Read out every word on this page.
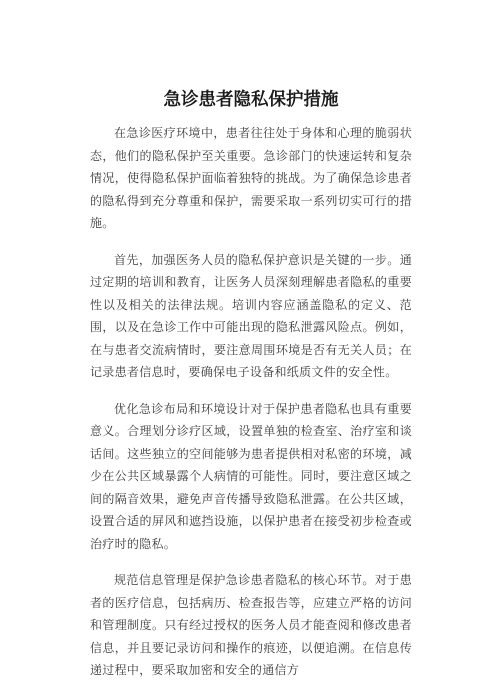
急诊患者隐私保护措施

在急诊医疗环境中，患者往往处于身体和心理的脆弱状态，他们的隐私保护至关重要。急诊部门的快速运转和复杂情况，使得隐私保护面临着独特的挑战。为了确保急诊患者的隐私得到充分尊重和保护，需要采取一系列切实可行的措施。

首先，加强医务人员的隐私保护意识是关键的一步。通过定期的培训和教育，让医务人员深刻理解患者隐私的重要性以及相关的法律法规。培训内容应涵盖隐私的定义、范围，以及在急诊工作中可能出现的隐私泄露风险点。例如，在与患者交流病情时，要注意周围环境是否有无关人员；在记录患者信息时，要确保电子设备和纸质文件的安全性。

优化急诊布局和环境设计对于保护患者隐私也具有重要意义。合理划分诊疗区域，设置单独的检查室、治疗室和谈话间。这些独立的空间能够为患者提供相对私密的环境，减少在公共区域暴露个人病情的可能性。同时，要注意区域之间的隔音效果，避免声音传播导致隐私泄露。在公共区域，设置合适的屏风和遮挡设施，以保护患者在接受初步检查或治疗时的隐私。

规范信息管理是保护急诊患者隐私的核心环节。对于患者的医疗信息，包括病历、检查报告等，应建立严格的访问和管理制度。只有经过授权的医务人员才能查阅和修改患者信息，并且要记录访问和操作的痕迹，以便追溯。在信息传递过程中，要采取加密和安全的通信方
